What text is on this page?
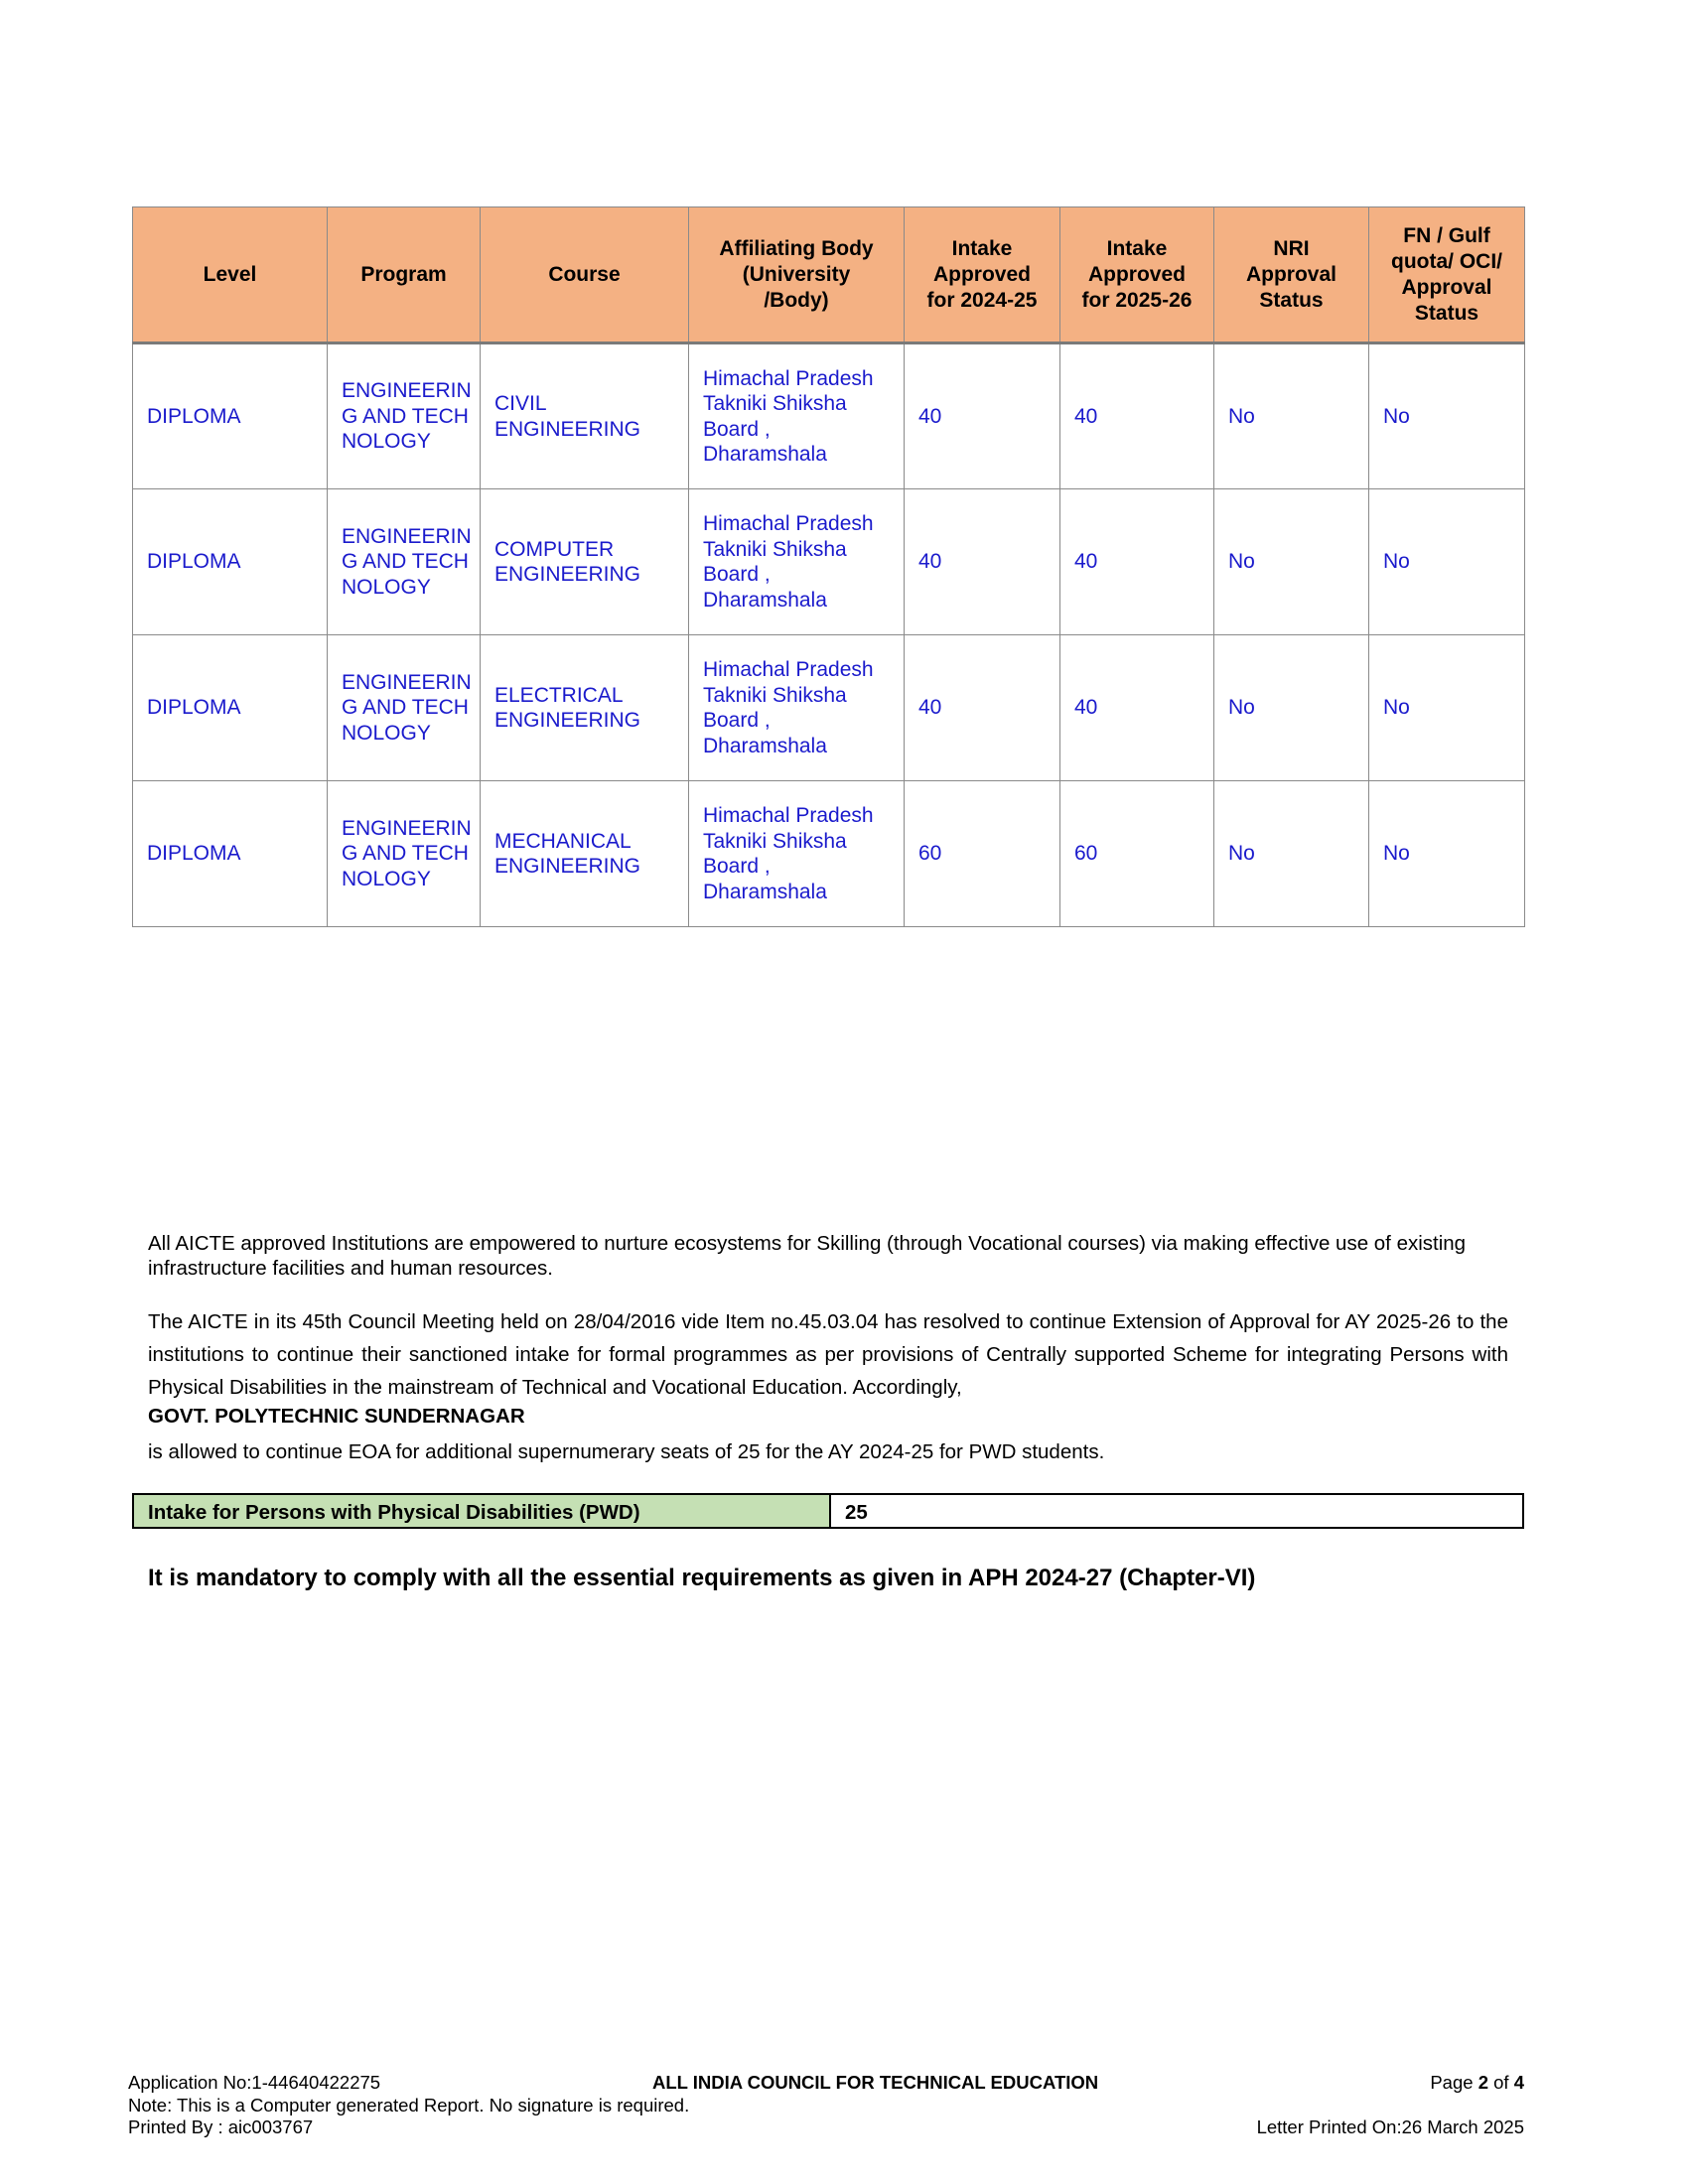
Level	Program	Course	Affiliating Body (University /Body)	Intake Approved for 2024-25	Intake Approved for 2025-26	NRI Approval Status	FN / Gulf quota/ OCI/ Approval Status
DIPLOMA	ENGINEERING AND TECHNOLOGY	CIVIL ENGINEERING	Himachal Pradesh Takniki Shiksha Board , Dharamshala	40	40	No	No
DIPLOMA	ENGINEERING AND TECHNOLOGY	COMPUTER ENGINEERING	Himachal Pradesh Takniki Shiksha Board , Dharamshala	40	40	No	No
DIPLOMA	ENGINEERING AND TECHNOLOGY	ELECTRICAL ENGINEERING	Himachal Pradesh Takniki Shiksha Board , Dharamshala	40	40	No	No
DIPLOMA	ENGINEERING AND TECHNOLOGY	MECHANICAL ENGINEERING	Himachal Pradesh Takniki Shiksha Board , Dharamshala	60	60	No	No
All AICTE approved Institutions are empowered to nurture ecosystems for Skilling (through Vocational courses) via making effective use of existing infrastructure facilities and human resources.
The AICTE in its 45th Council Meeting held on 28/04/2016 vide Item no.45.03.04 has resolved to continue Extension of Approval for AY 2025-26 to the institutions to continue their sanctioned intake for formal programmes as per provisions of Centrally supported Scheme for integrating Persons with Physical Disabilities in the mainstream of Technical and Vocational Education. Accordingly,
GOVT. POLYTECHNIC SUNDERNAGAR
is allowed to continue EOA for additional supernumerary seats of 25 for the AY 2024-25 for PWD students.
Intake for Persons with Physical Disabilities (PWD)	25
It is mandatory to comply with all the essential requirements as given in APH 2024-27 (Chapter-VI)
Application No:1-44640422275
Note: This is a Computer generated Report. No signature is required.
Printed By : aic003767
ALL INDIA COUNCIL FOR TECHNICAL EDUCATION	Page 2 of 4
Letter Printed On:26 March 2025
